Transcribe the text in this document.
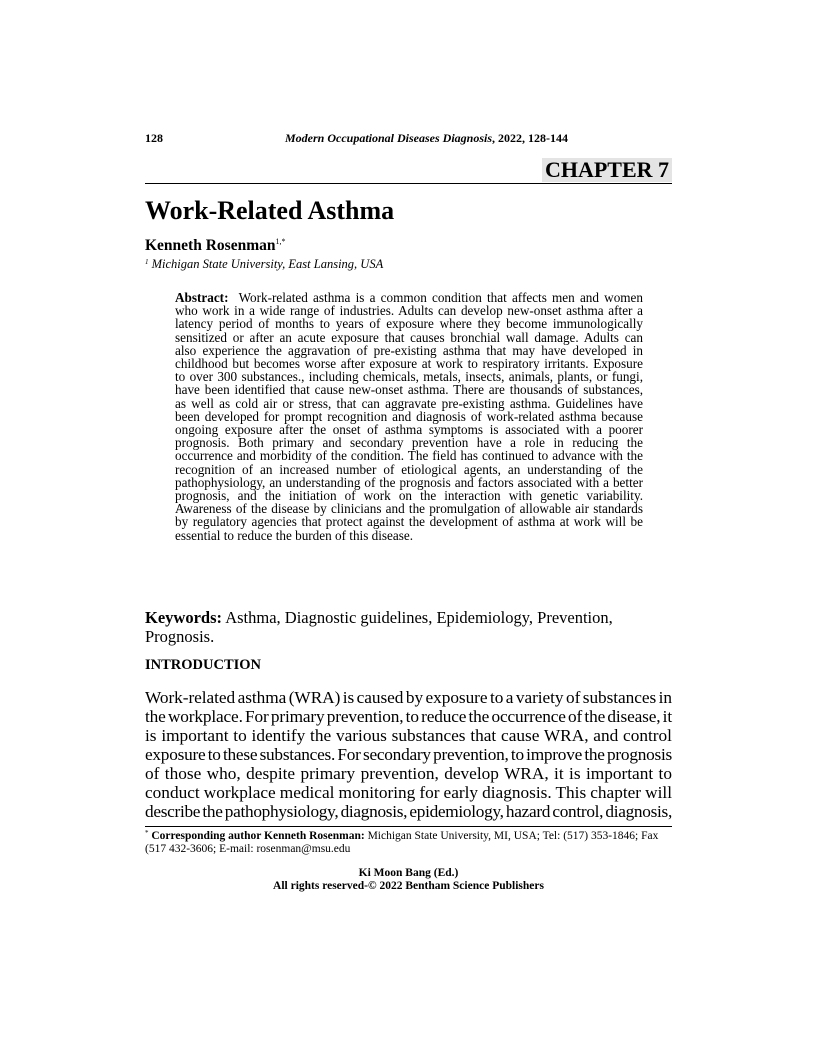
128	Modern Occupational Diseases Diagnosis, 2022, 128-144
CHAPTER 7
Work-Related Asthma
Kenneth Rosenman$^{1,*}$
$^1$ Michigan State University, East Lansing, USA
Abstract: Work-related asthma is a common condition that affects men and women
who work in a wide range of industries. Adults can develop new-onset asthma after a
latency period of months to years of exposure where they become immunologically
sensitized or after an acute exposure that causes bronchial wall damage. Adults can
also experience the aggravation of pre-existing asthma that may have developed in
childhood but becomes worse after exposure at work to respiratory irritants. Exposure
to over 300 substances., including chemicals, metals, insects, animals, plants, or fungi,
have been identified that cause new-onset asthma. There are thousands of substances,
as well as cold air or stress, that can aggravate pre-existing asthma. Guidelines have
been developed for prompt recognition and diagnosis of work-related asthma because
ongoing exposure after the onset of asthma symptoms is associated with a poorer
prognosis. Both primary and secondary prevention have a role in reducing the
occurrence and morbidity of the condition. The field has continued to advance with the
recognition of an increased number of etiological agents, an understanding of the
pathophysiology, an understanding of the prognosis and factors associated with a better
prognosis, and the initiation of work on the interaction with genetic variability.
Awareness of the disease by clinicians and the promulgation of allowable air standards
by regulatory agencies that protect against the development of asthma at work will be
essential to reduce the burden of this disease.
Keywords: Asthma, Diagnostic guidelines, Epidemiology, Prevention, Prognosis.
INTRODUCTION
Work-related asthma (WRA) is caused by exposure to a variety of substances in
the workplace. For primary prevention, to reduce the occurrence of the disease, it
is important to identify the various substances that cause WRA, and control
exposure to these substances. For secondary prevention, to improve the prognosis
of those who, despite primary prevention, develop WRA, it is important to
conduct workplace medical monitoring for early diagnosis. This chapter will
describe the pathophysiology, diagnosis, epidemiology, hazard control, diagnosis,
* Corresponding author Kenneth Rosenman: Michigan State University, MI, USA; Tel: (517) 353-1846; Fax (517 432-3606; E-mail: rosenman@msu.edu
Ki Moon Bang (Ed.)
All rights reserved-© 2022 Bentham Science Publishers
